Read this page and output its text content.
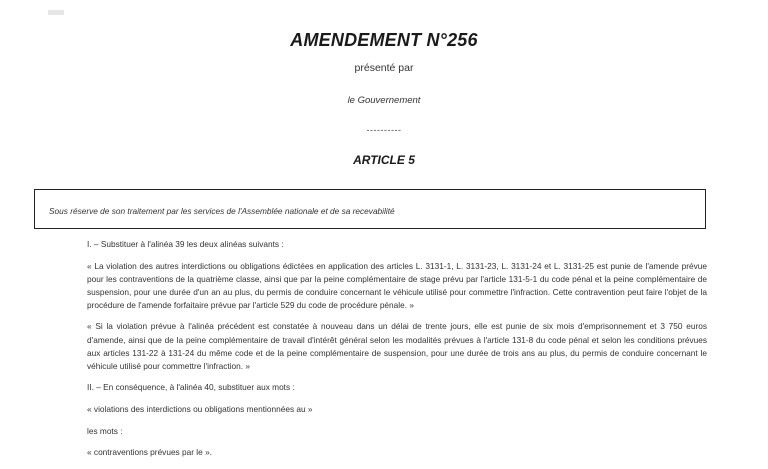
AMENDEMENT N°256
présenté par
le Gouvernement
----------
ARTICLE 5
Sous réserve de son traitement par les services de l'Assemblée nationale et de sa recevabilité

I. – Substituer à l'alinéa 39 les deux alinéas suivants :

« La violation des autres interdictions ou obligations édictées en application des articles L. 3131-1, L. 3131-23, L. 3131-24 et L. 3131-25 est punie de l'amende prévue pour les contraventions de la quatrième classe, ainsi que par la peine complémentaire de stage prévu par l'article 131-5-1 du code pénal et la peine complémentaire de suspension, pour une durée d'un an au plus, du permis de conduire concernant le véhicule utilisé pour commettre l'infraction. Cette contravention peut faire l'objet de la procédure de l'amende forfaitaire prévue par l'article 529 du code de procédure pénale. »

« Si la violation prévue à l'alinéa précédent est constatée à nouveau dans un délai de trente jours, elle est punie de six mois d'emprisonnement et 3 750 euros d'amende, ainsi que de la peine complémentaire de travail d'intérêt général selon les modalités prévues à l'article 131-8 du code pénal et selon les conditions prévues aux articles 131-22 à 131-24 du même code et de la peine complémentaire de suspension, pour une durée de trois ans au plus, du permis de conduire concernant le véhicule utilisé pour commettre l'infraction. »

II. – En conséquence, à l'alinéa 40, substituer aux mots :

« violations des interdictions ou obligations mentionnées au »

les mots :

« contraventions prévues par le ».
